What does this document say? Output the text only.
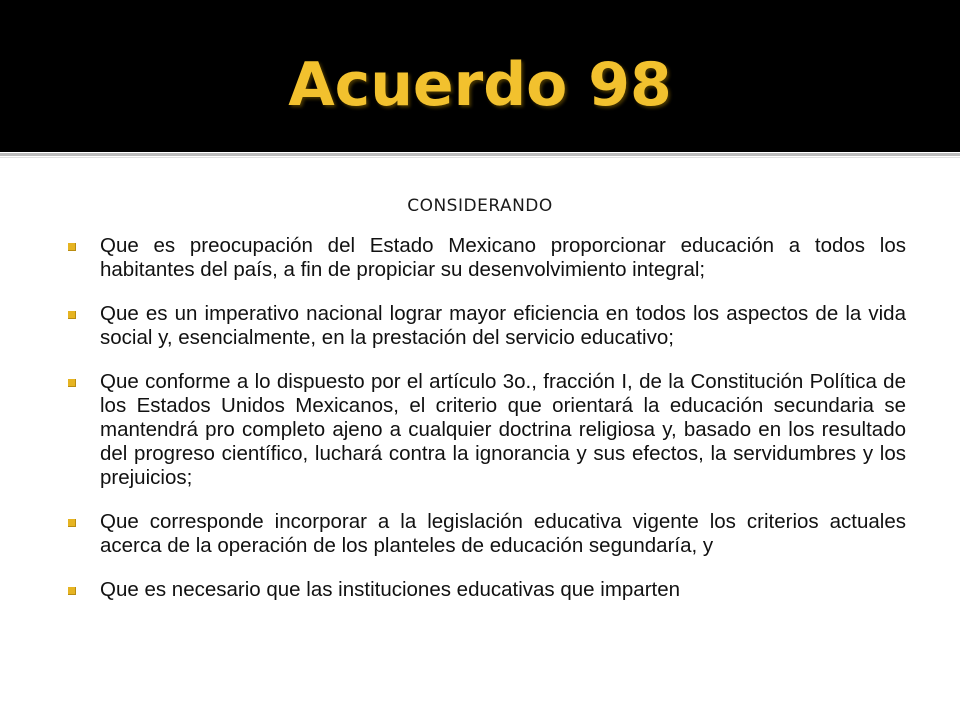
Acuerdo 98
CONSIDERANDO
Que es preocupación del Estado Mexicano proporcionar educación a todos los habitantes del país, a fin de propiciar su desenvolvimiento integral;
Que es un imperativo nacional lograr mayor eficiencia en todos los aspectos de la vida social y, esencialmente, en la prestación del servicio educativo;
Que conforme a lo dispuesto por el artículo 3o., fracción I, de la Constitución Política de los Estados Unidos Mexicanos, el criterio que orientará la educación secundaria se mantendrá pro completo ajeno a cualquier doctrina religiosa y, basado en los resultado del progreso científico, luchará contra la ignorancia y sus efectos, la servidumbres y los prejuicios;
Que corresponde incorporar a la legislación educativa vigente los criterios actuales acerca de la operación de los planteles de educación segundaría, y
Que es necesario que las instituciones educativas que imparten
